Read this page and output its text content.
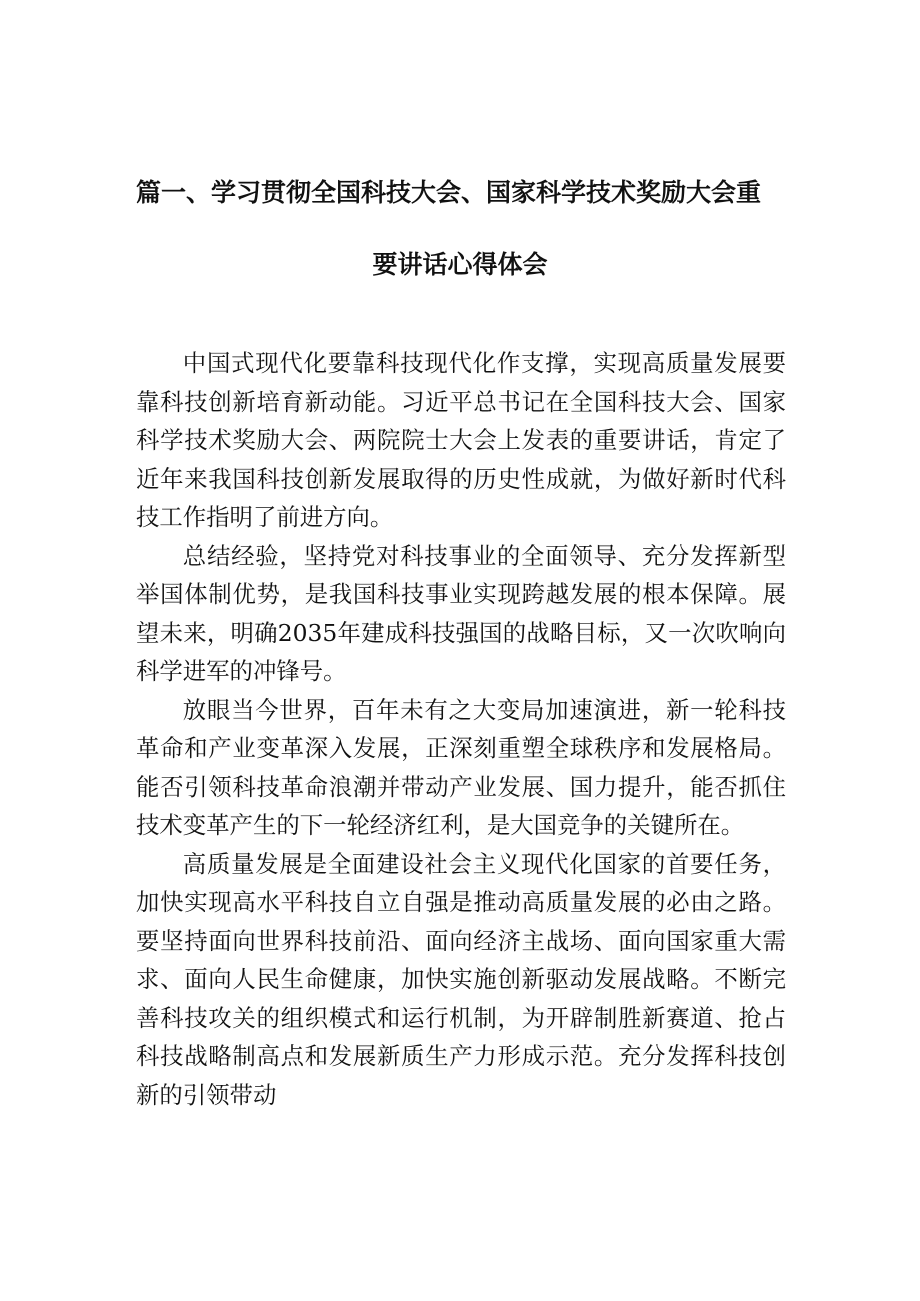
篇一、学习贯彻全国科技大会、国家科学技术奖励大会重
要讲话心得体会

中国式现代化要靠科技现代化作支撑，实现高质量发展要靠科技创新培育新动能。习近平总书记在全国科技大会、国家科学技术奖励大会、两院院士大会上发表的重要讲话，肯定了近年来我国科技创新发展取得的历史性成就，为做好新时代科技工作指明了前进方向。

总结经验，坚持党对科技事业的全面领导、充分发挥新型举国体制优势，是我国科技事业实现跨越发展的根本保障。展望未来，明确2035年建成科技强国的战略目标，又一次吹响向科学进军的冲锋号。

放眼当今世界，百年未有之大变局加速演进，新一轮科技革命和产业变革深入发展，正深刻重塑全球秩序和发展格局。能否引领科技革命浪潮并带动产业发展、国力提升，能否抓住技术变革产生的下一轮经济红利，是大国竞争的关键所在。

高质量发展是全面建设社会主义现代化国家的首要任务，加快实现高水平科技自立自强是推动高质量发展的必由之路。要坚持面向世界科技前沿、面向经济主战场、面向国家重大需求、面向人民生命健康，加快实施创新驱动发展战略。不断完善科技攻关的组织模式和运行机制，为开辟制胜新赛道、抢占科技战略制高点和发展新质生产力形成示范。充分发挥科技创新的引领带动
